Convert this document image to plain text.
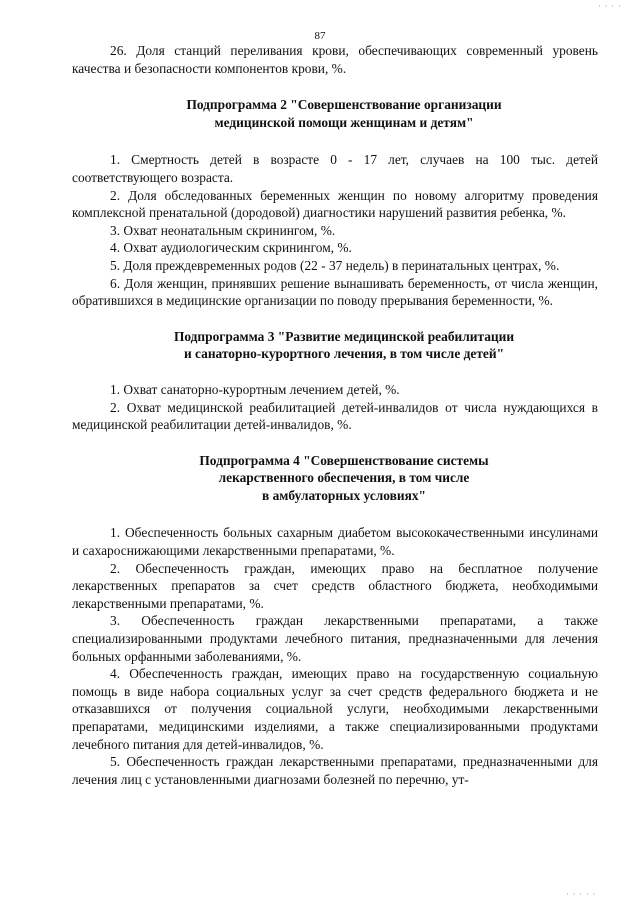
87
· · · ·
· · · · ·

26. Доля станций переливания крови, обеспечивающих современный уровень качества и безопасности компонентов крови, %.

Подпрограмма 2 "Совершенствование организации
медицинской помощи женщинам и детям"

1. Смертность детей в возрасте 0 - 17 лет, случаев на 100 тыс. детей соответствующего возраста.

2. Доля обследованных беременных женщин по новому алгоритму проведения комплексной пренатальной (дородовой) диагностики нарушений развития ребенка, %.

3. Охват неонатальным скринингом, %.

4. Охват аудиологическим скринингом, %.

5. Доля преждевременных родов (22 - 37 недель) в перинатальных центрах, %.

6. Доля женщин, принявших решение вынашивать беременность, от числа женщин, обратившихся в медицинские организации по поводу прерывания беременности, %.

Подпрограмма 3 "Развитие медицинской реабилитации
и санаторно-курортного лечения, в том числе детей"

1. Охват санаторно-курортным лечением детей, %.

2. Охват медицинской реабилитацией детей-инвалидов от числа нуждающихся в медицинской реабилитации детей-инвалидов, %.

Подпрограмма 4 "Совершенствование системы
лекарственного обеспечения, в том числе
в амбулаторных условиях"

1. Обеспеченность больных сахарным диабетом высококачественными инсулинами и сахароснижающими лекарственными препаратами, %.

2. Обеспеченность граждан, имеющих право на бесплатное получение лекарственных препаратов за счет средств областного бюджета, необходимыми лекарственными препаратами, %.

3. Обеспеченность граждан лекарственными препаратами, а также специализированными продуктами лечебного питания, предназначенными для лечения больных орфанными заболеваниями, %.

4. Обеспеченность граждан, имеющих право на государственную социальную помощь в виде набора социальных услуг за счет средств федерального бюджета и не отказавшихся от получения социальной услуги, необходимыми лекарственными препаратами, медицинскими изделиями, а также специализированными продуктами лечебного питания для детей-инвалидов, %.

5. Обеспеченность граждан лекарственными препаратами, предназначенными для лечения лиц с установленными диагнозами болезней по перечню, ут-
